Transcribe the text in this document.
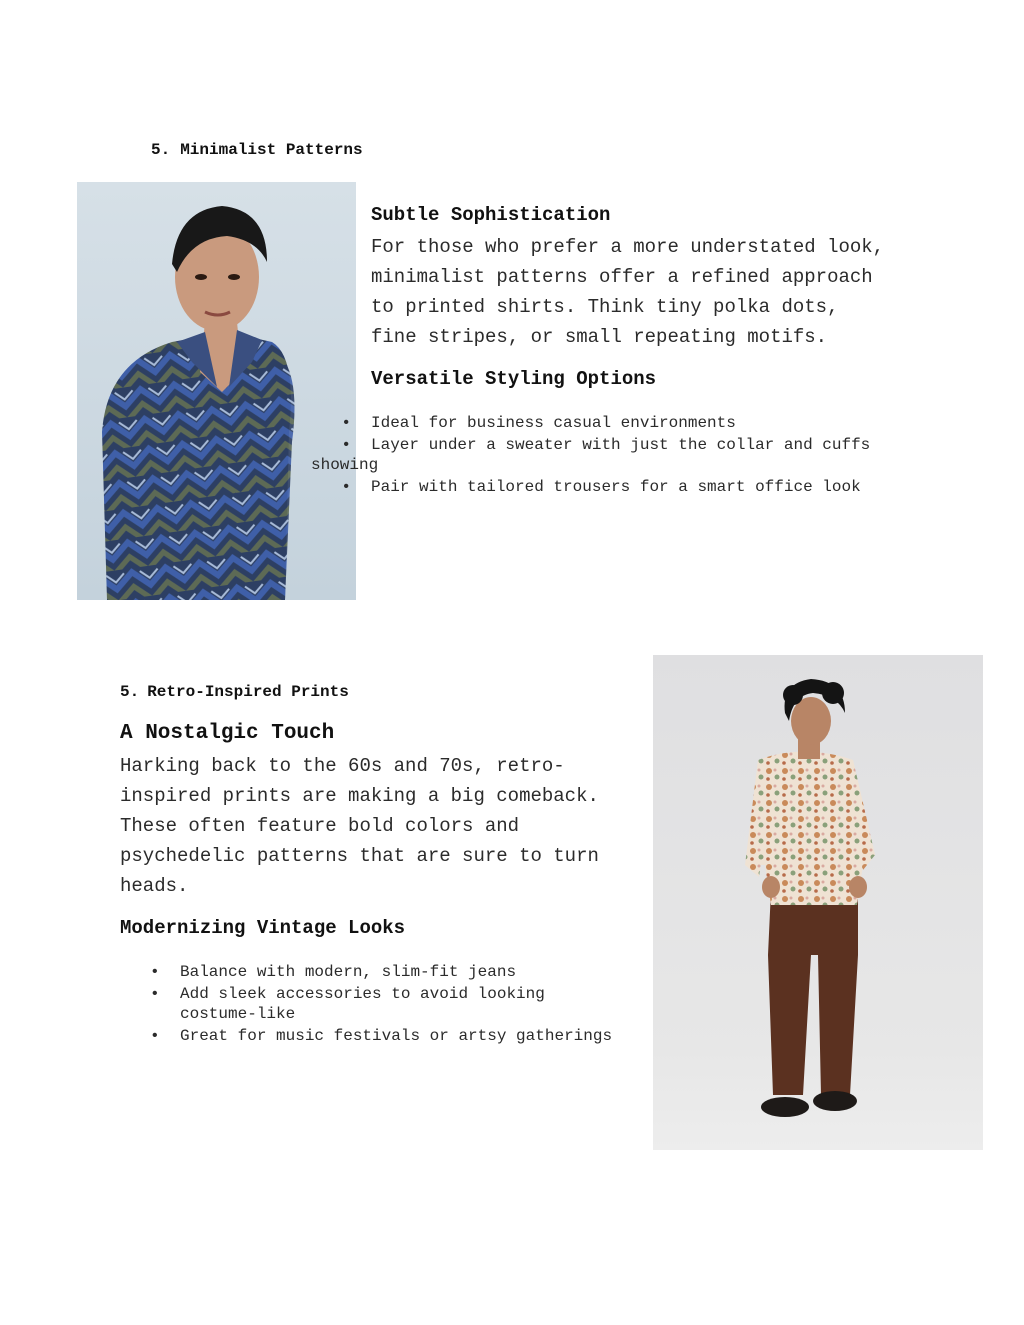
5. Minimalist Patterns
Subtle Sophistication

For those who prefer a more understated look, minimalist patterns offer a refined approach to printed shirts. Think tiny polka dots, fine stripes, or small repeating motifs.

Versatile Styling Options
• Ideal for business casual environments
• Layer under a sweater with just the collar and cuffs showing
• Pair with tailored trousers for a smart office look
5. Retro-Inspired Prints
A Nostalgic Touch

Harking back to the 60s and 70s, retro-inspired prints are making a big comeback. These often feature bold colors and psychedelic patterns that are sure to turn heads.

Modernizing Vintage Looks
• Balance with modern, slim-fit jeans
• Add sleek accessories to avoid looking costume-like
• Great for music festivals or artsy gatherings
